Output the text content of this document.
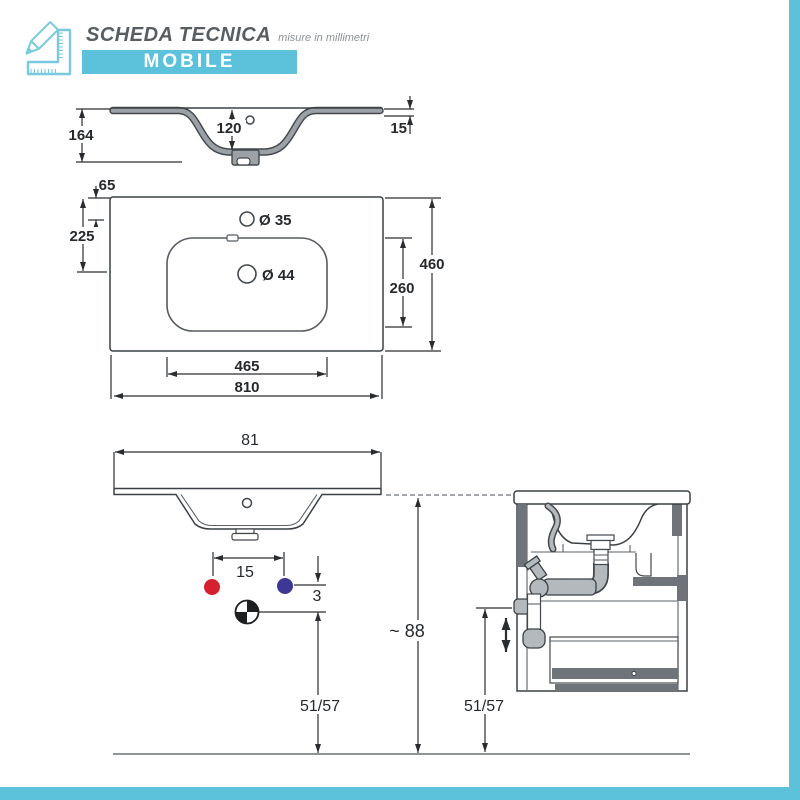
164	120	15
Ø 35
Ø 44
65
225
460
260
465
810
81
15
3
51/57
~ 88
51/57
SCHEDA TECNICA misure in millimetri
MOBILE
